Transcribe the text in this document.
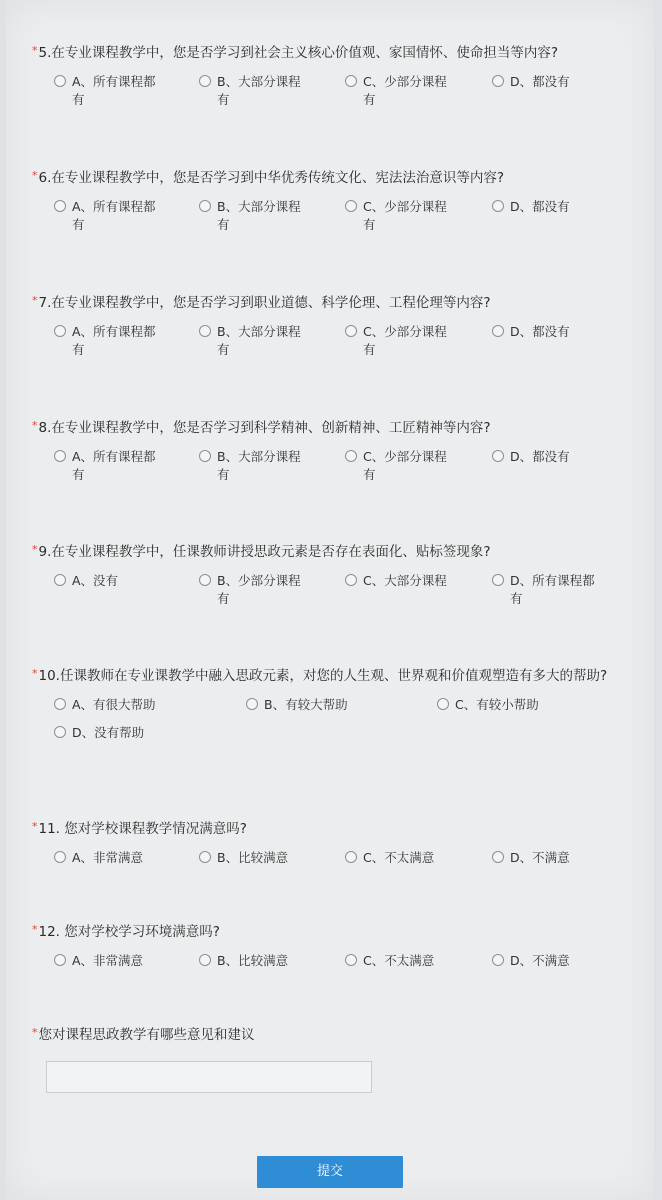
*5.在专业课程教学中，您是否学习到社会主义核心价值观、家国情怀、使命担当等内容?
A、所有课程都有
B、大部分课程有
C、少部分课程有
D、都没有
*6.在专业课程教学中，您是否学习到中华优秀传统文化、宪法法治意识等内容?
A、所有课程都有
B、大部分课程有
C、少部分课程有
D、都没有
*7.在专业课程教学中，您是否学习到职业道德、科学伦理、工程伦理等内容?
A、所有课程都有
B、大部分课程有
C、少部分课程有
D、都没有
*8.在专业课程教学中，您是否学习到科学精神、创新精神、工匠精神等内容?
A、所有课程都有
B、大部分课程有
C、少部分课程有
D、都没有
*9.在专业课程教学中，任课教师讲授思政元素是否存在表面化、贴标签现象?
A、没有	B、少部分课程有
C、大部分课程	D、所有课程都有
*10.任课教师在专业课教学中融入思政元素，对您的人生观、世界观和价值观塑造有多大的帮助?
A、有很大帮助	B、有较大帮助	C、有较小帮助
D、没有帮助
*11. 您对学校课程教学情况满意吗?
A、非常满意	B、比较满意	C、不太满意	D、不满意
*12. 您对学校学习环境满意吗?
A、非常满意	B、比较满意	C、不太满意	D、不满意
*您对课程思政教学有哪些意见和建议
提交
